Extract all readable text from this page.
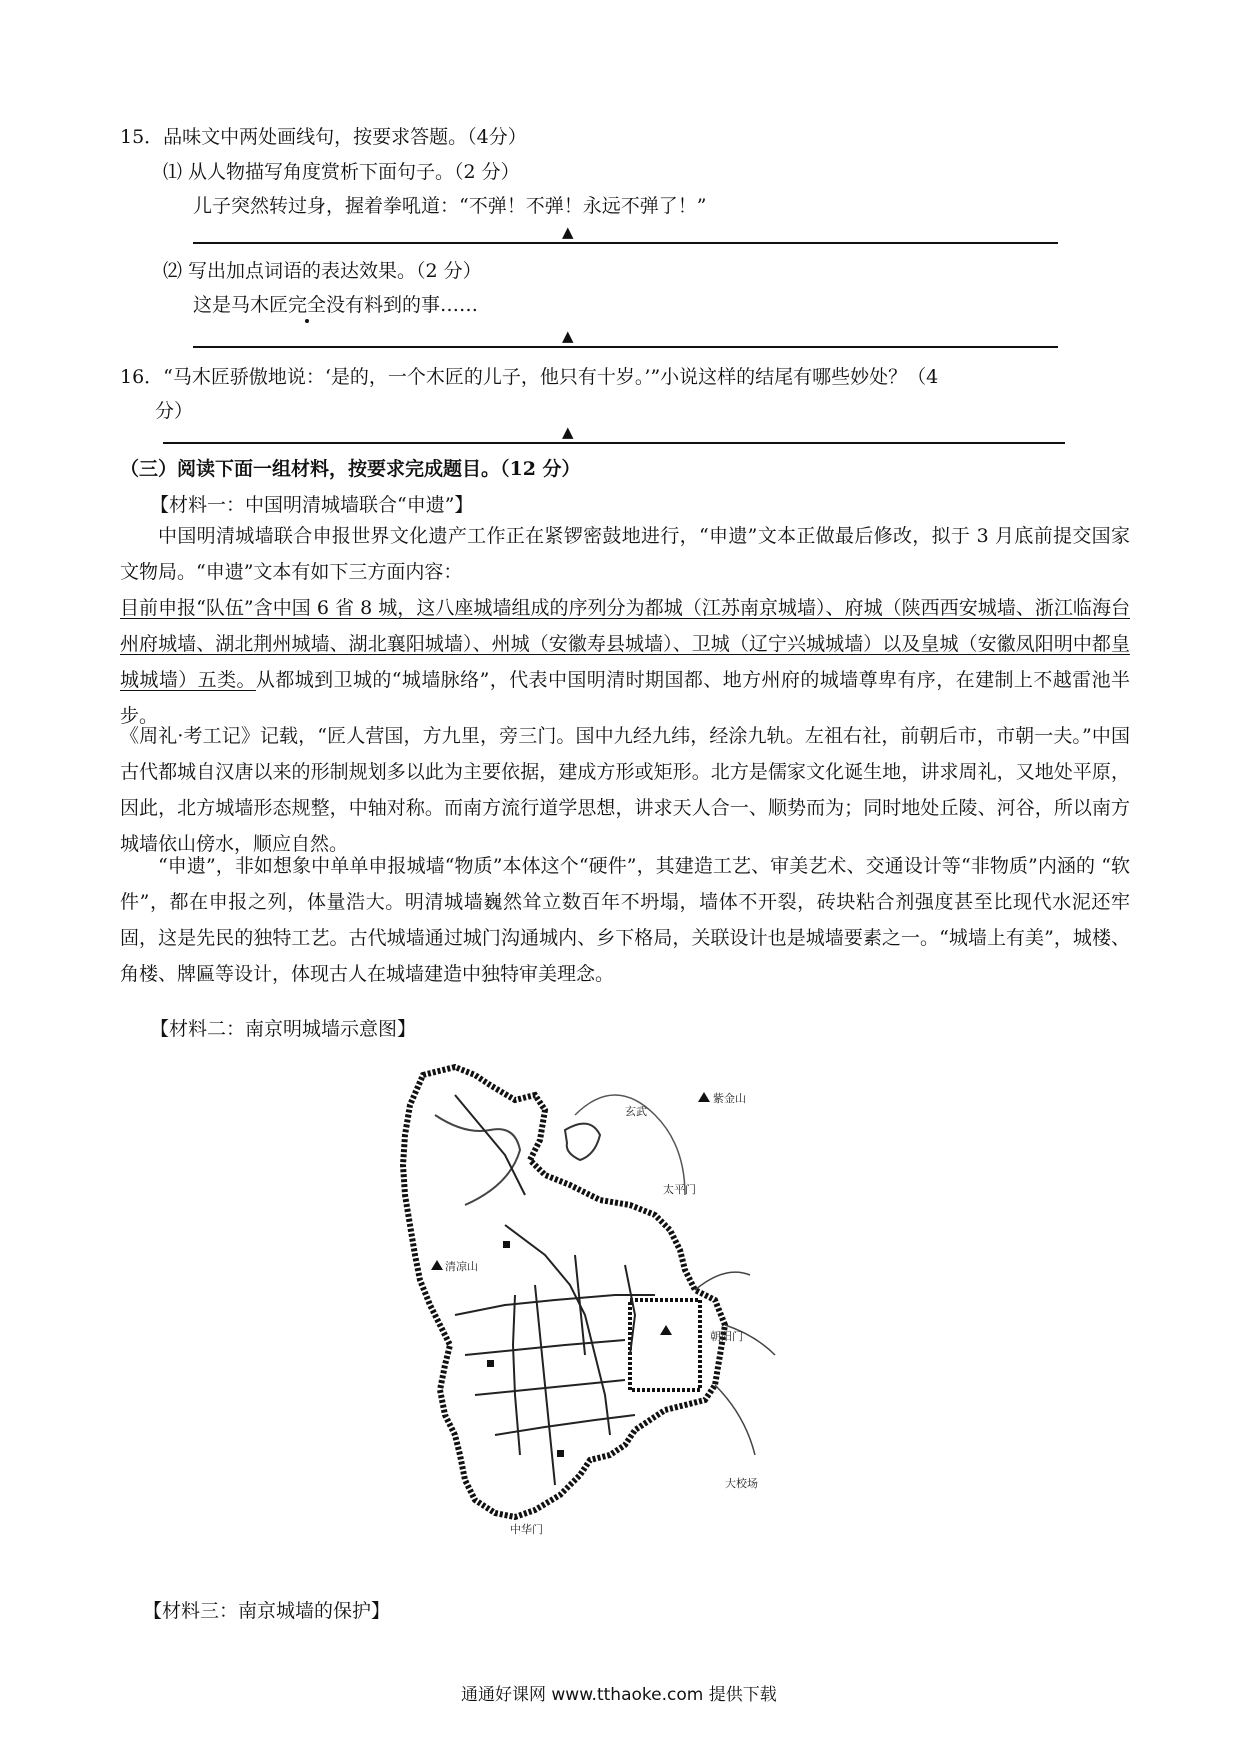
15．品味文中两处画线句，按要求答题。（4分）
⑴ 从人物描写角度赏析下面句子。（2 分）
儿子突然转过身，握着拳吼道：“不弹！不弹！永远不弹了！”
▲
⑵ 写出加点词语的表达效果。（2 分）
这是马木匠完全没有料到的事……
▲
16．“马木匠骄傲地说：‘是的，一个木匠的儿子，他只有十岁。’”小说这样的结尾有哪些妙处？（4
分）
▲
（三）阅读下面一组材料，按要求完成题目。（12 分）
【材料一：中国明清城墙联合“申遗”】
中国明清城墙联合申报世界文化遗产工作正在紧锣密鼓地进行，“申遗”文本正做最后修改，拟于 3 月底前提交国家文物局。“申遗”文本有如下三方面内容：
目前申报“队伍”含中国 6 省 8 城，这八座城墙组成的序列分为都城（江苏南京城墙）、府城（陕西西安城墙、浙江临海台州府城墙、湖北荆州城墙、湖北襄阳城墙）、州城（安徽寿县城墙）、卫城（辽宁兴城城墙）以及皇城（安徽凤阳明中都皇城城墙）五类。从都城到卫城的“城墙脉络”，代表中国明清时期国都、地方州府的城墙尊卑有序，在建制上不越雷池半步。
《周礼·考工记》记载，“匠人营国，方九里，旁三门。国中九经九纬，经涂九轨。左祖右社，前朝后市，市朝一夫。”中国古代都城自汉唐以来的形制规划多以此为主要依据，建成方形或矩形。北方是儒家文化诞生地，讲求周礼，又地处平原，因此，北方城墙形态规整，中轴对称。而南方流行道学思想，讲求天人合一、顺势而为；同时地处丘陵、河谷，所以南方城墙依山傍水，顺应自然。
“申遗”，非如想象中单单申报城墙“物质”本体这个“硬件”，其建造工艺、审美艺术、交通设计等“非物质”内涵的 “软件”，都在申报之列，体量浩大。明清城墙巍然耸立数百年不坍塌，墙体不开裂，砖块粘合剂强度甚至比现代水泥还牢固，这是先民的独特工艺。古代城墙通过城门沟通城内、乡下格局，关联设计也是城墙要素之一。“城墙上有美”，城楼、角楼、牌匾等设计，体现古人在城墙建造中独特审美理念。
【材料二：南京明城墙示意图】
玄武
紫金山
清凉山
太平门
朝阳门
中华门
大校场
南京明城墙示意图
【材料三：南京城墙的保护】
通通好课网 www.tthaoke.com 提供下载
